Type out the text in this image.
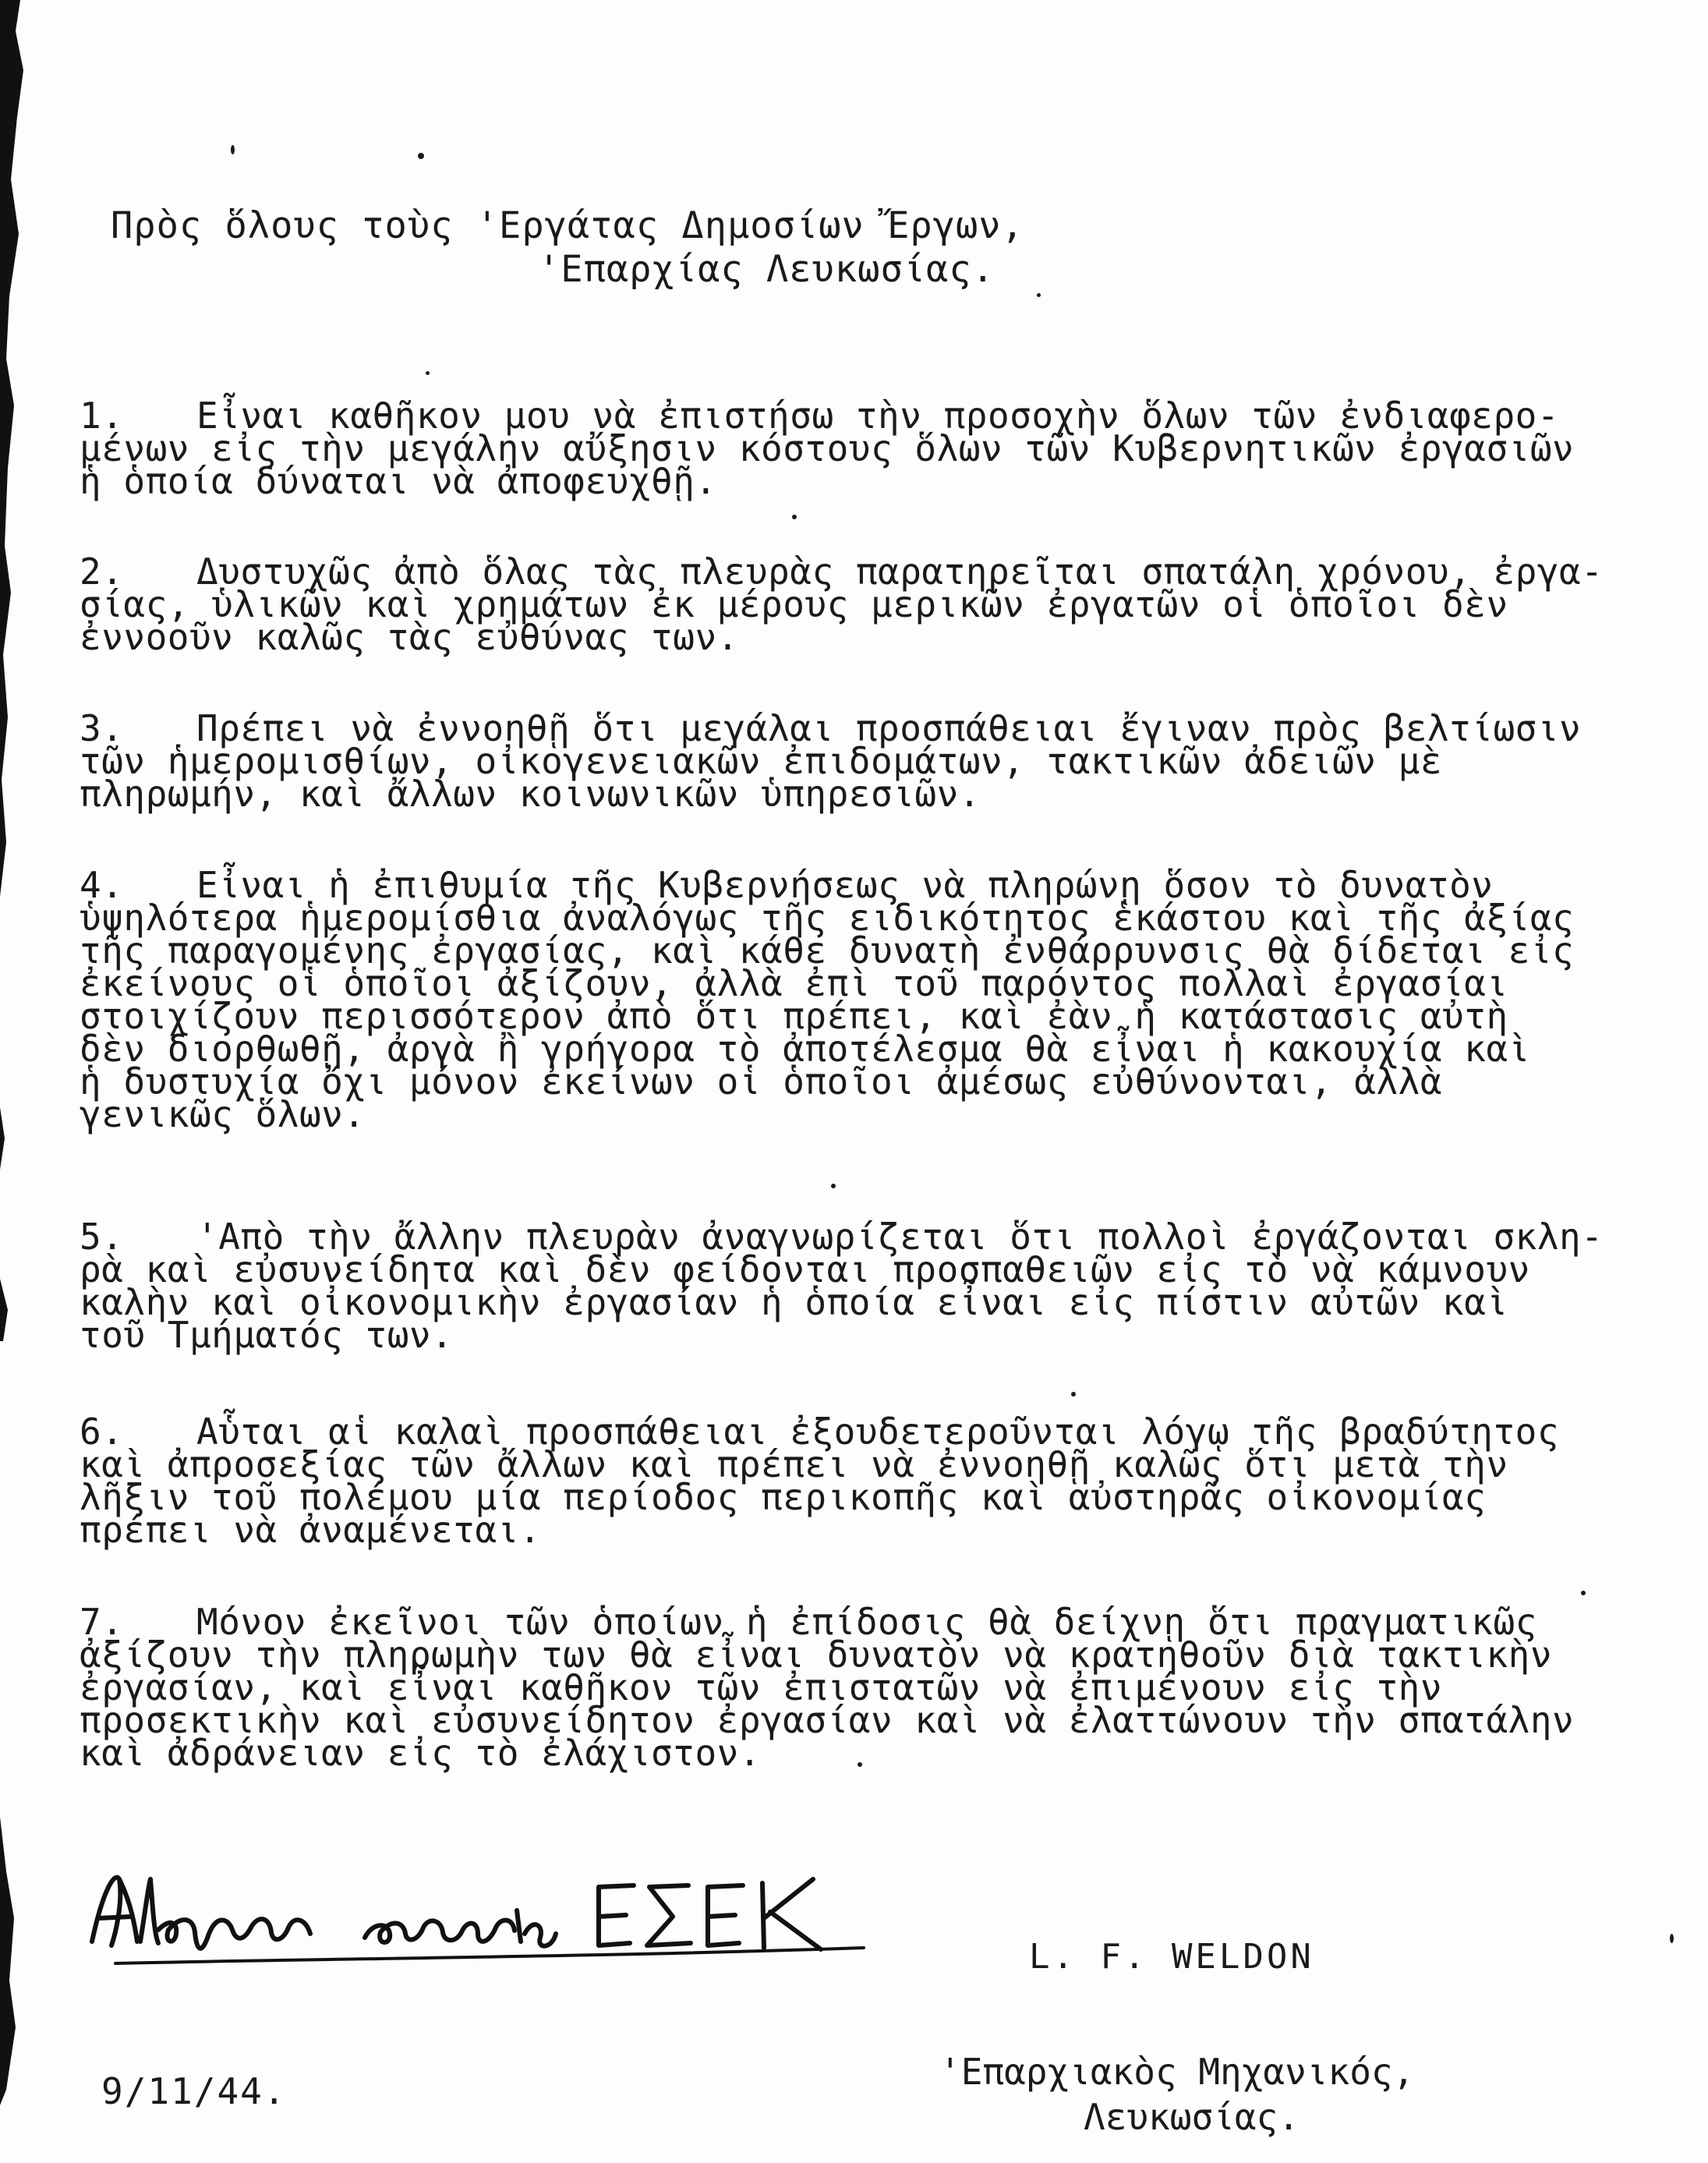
Πρὸς ὅλους τοὺς 'Εργάτας Δημοσίων Ἔργων,
'Επαρχίας Λευκωσίας.
1. Εἶναι καθῆκον μου νὰ ἐπιστήσω τὴν προσοχὴν ὅλων τῶν ἐνδιαφερο-
μένων εἰς τὴν μεγάλην αὔξησιν κόστους ὅλων τῶν Κυβερνητικῶν ἐργασιῶν
ἡ ὁποία δύναται νὰ ἀποφευχθῇ.
2. Δυστυχῶς ἀπὸ ὅλας τὰς πλευρὰς παρατηρεῖται σπατάλη χρόνου, ἐργα-
σίας, ὑλικῶν καὶ χρημάτων ἐκ μέρους μερικῶν ἐργατῶν οἱ ὁποῖοι δὲν
ἐννοοῦν καλῶς τὰς εὐθύνας των.
3. Πρέπει νὰ ἐννοηθῇ ὅτι μεγάλαι προσπάθειαι ἔγιναν πρὸς βελτίωσιν
τῶν ἡμερομισθίων, οἰκογενειακῶν ἐπιδομάτων, τακτικῶν ἀδειῶν μὲ
πληρωμήν, καὶ ἄλλων κοινωνικῶν ὑπηρεσιῶν.
4. Εἶναι ἡ ἐπιθυμία τῆς Κυβερνήσεως νὰ πληρώνῃ ὅσον τὸ δυνατὸν
ὑψηλότερα ἡμερομίσθια ἀναλόγως τῆς ειδικότητος ἑκάστου καὶ τῆς ἀξίας
τῆς παραγομένης ἐργασίας, καὶ κάθε δυνατὴ ἐνθάρρυνσις θὰ δίδεται εἰς
ἐκείνους οἱ ὁποῖοι ἀξίζουν, ἀλλὰ ἐπὶ τοῦ παρόντος πολλαὶ ἐργασίαι
στοιχίζουν περισσότερον ἀπὸ ὅτι πρέπει, καὶ ἐὰν ἡ κατάστασις αὐτὴ
δὲν διορθωθῇ, ἀργὰ ἢ γρήγορα τὸ ἀποτέλεσμα θὰ εἶναι ἡ κακουχία καὶ
ἡ δυστυχία ὄχι μόνον ἐκείνων οἱ ὁποῖοι ἀμέσως εὐθύνονται, ἀλλὰ
γενικῶς ὅλων.
5. 'Απὸ τὴν ἄλλην πλευρὰν ἀναγνωρίζεται ὅτι πολλοὶ ἐργάζονται σκλη-
ρὰ καὶ εὐσυνείδητα καὶ δὲν φείδονται προσπαθειῶν εἰς τὸ νὰ κάμνουν
καλὴν καὶ οἰκονομικὴν ἐργασίαν ἡ ὁποία εἶναι εἰς πίστιν αὐτῶν καὶ
τοῦ Τμήματός των.
6. Αὗται αἱ καλαὶ προσπάθειαι ἐξουδετεροῦνται λόγῳ τῆς βραδύτητος
καὶ ἀπροσεξίας τῶν ἄλλων καὶ πρέπει νὰ ἐννοηθῇ καλῶς ὅτι μετὰ τὴν
λῆξιν τοῦ πολέμου μία περίοδος περικοπῆς καὶ αὐστηρᾶς οἰκονομίας
πρέπει νὰ ἀναμένεται.
7. Μόνον ἐκεῖνοι τῶν ὁποίων ἡ ἐπίδοσις θὰ δείχνῃ ὅτι πραγματικῶς
ἀξίζουν τὴν πληρωμὴν των θὰ εἶναι δυνατὸν νὰ κρατηθοῦν διὰ τακτικὴν
ἐργασίαν, καὶ εἶναι καθῆκον τῶν ἐπιστατῶν νὰ ἐπιμένουν εἰς τὴν
προσεκτικὴν καὶ εὐσυνείδητον ἐργασίαν καὶ νὰ ἐλαττώνουν τὴν σπατάλην
καὶ ἀδράνειαν εἰς τὸ ἐλάχιστον.
L. F. WELDON
9/11/44.	'Επαρχιακὸς Μηχανικός,
Λευκωσίας.
